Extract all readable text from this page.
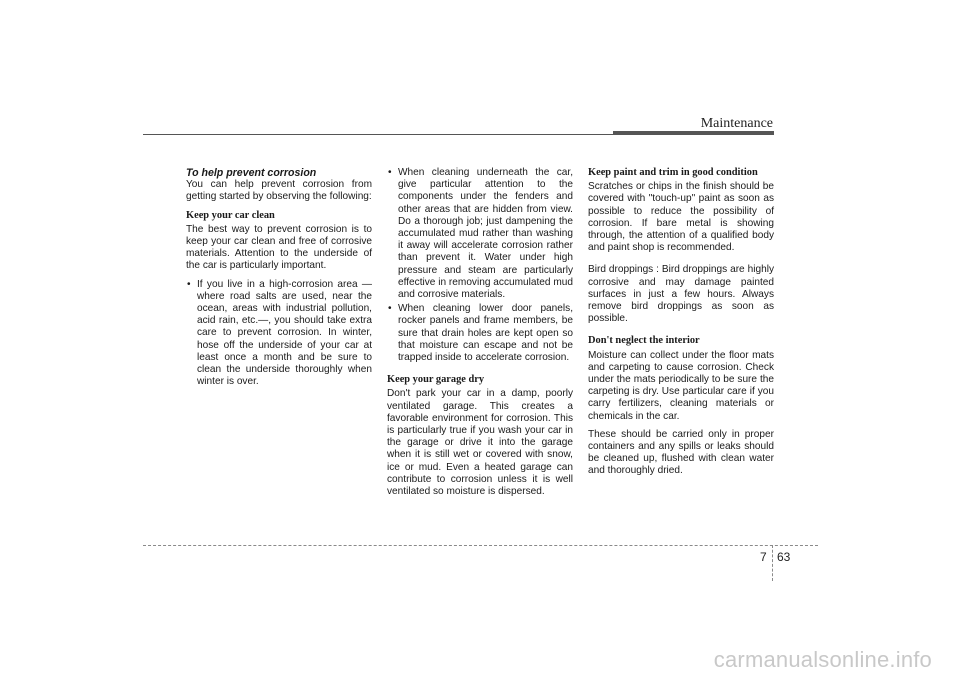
Maintenance

To help prevent corrosion

You can help prevent corrosion from getting started by observing the following:

Keep your car clean

The best way to prevent corrosion is to keep your car clean and free of corrosive materials. Attention to the underside of the car is particularly important.

• If you live in a high-corrosion area — where road salts are used, near the ocean, areas with industrial pollution, acid rain, etc.—, you should take extra care to prevent corrosion. In winter, hose off the underside of your car at least once a month and be sure to clean the underside thoroughly when winter is over.
• When cleaning underneath the car, give particular attention to the components under the fenders and other areas that are hidden from view. Do a thorough job; just dampening the accumulated mud rather than washing it away will accelerate corrosion rather than prevent it. Water under high pressure and steam are particularly effective in removing accumulated mud and corrosive materials.
• When cleaning lower door panels, rocker panels and frame members, be sure that drain holes are kept open so that moisture can escape and not be trapped inside to accelerate corrosion.

Keep your garage dry

Don't park your car in a damp, poorly ventilated garage. This creates a favorable environment for corrosion. This is particularly true if you wash your car in the garage or drive it into the garage when it is still wet or covered with snow, ice or mud. Even a heated garage can contribute to corrosion unless it is well ventilated so moisture is dispersed.

Keep paint and trim in good condition

Scratches or chips in the finish should be covered with "touch-up" paint as soon as possible to reduce the possibility of corrosion. If bare metal is showing through, the attention of a qualified body and paint shop is recommended.

Bird droppings : Bird droppings are highly corrosive and may damage painted surfaces in just a few hours. Always remove bird droppings as soon as possible.

Don't neglect the interior

Moisture can collect under the floor mats and carpeting to cause corrosion. Check under the mats periodically to be sure the carpeting is dry. Use particular care if you carry fertilizers, cleaning materials or chemicals in the car.

These should be carried only in proper containers and any spills or leaks should be cleaned up, flushed with clean water and thoroughly dried.

7 63
carmanualsonline.info
